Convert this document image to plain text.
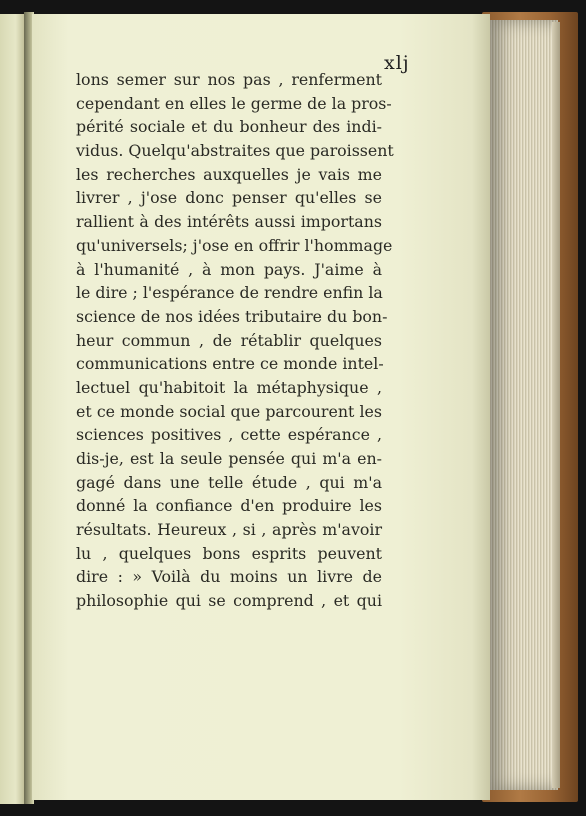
xlj
lons semer sur nos pas , renferment
cependant en elles le germe de la pros-
périté sociale et du bonheur des indi-
vidus. Quelqu'abstraites que paroissent
les recherches auxquelles je vais me
livrer , j'ose donc penser qu'elles se
rallient à des intérêts aussi importans
qu'universels; j'ose en offrir l'hommage
à l'humanité , à mon pays. J'aime à
le dire ; l'espérance de rendre enfin la
science de nos idées tributaire du bon-
heur commun , de rétablir quelques
communications entre ce monde intel-
lectuel qu'habitoit la métaphysique ,
et ce monde social que parcourent les
sciences positives , cette espérance ,
dis-je, est la seule pensée qui m'a en-
gagé dans une telle étude , qui m'a
donné la confiance d'en produire les
résultats. Heureux , si , après m'avoir
lu , quelques bons esprits peuvent
dire : » Voilà du moins un livre de
philosophie qui se comprend , et qui
